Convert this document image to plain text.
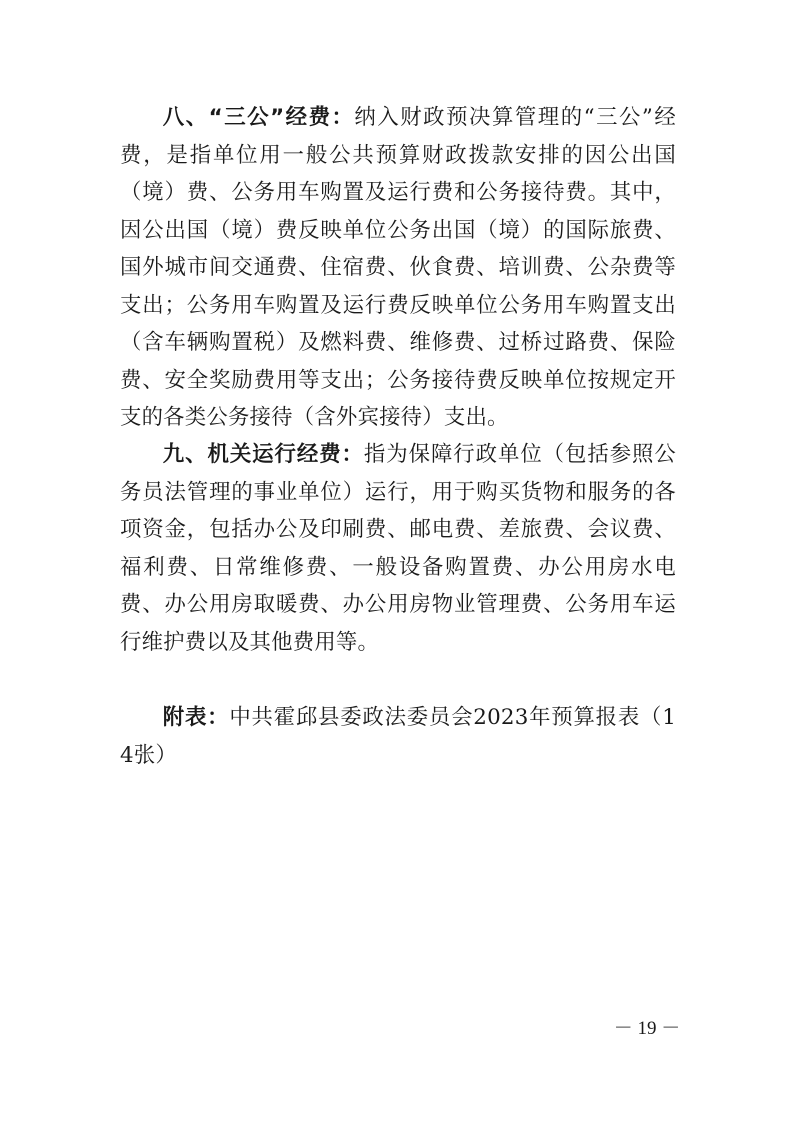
八、“三公”经费：纳入财政预决算管理的“三公”经费，是指单位用一般公共预算财政拨款安排的因公出国（境）费、公务用车购置及运行费和公务接待费。其中，因公出国（境）费反映单位公务出国（境）的国际旅费、国外城市间交通费、住宿费、伙食费、培训费、公杂费等支出；公务用车购置及运行费反映单位公务用车购置支出（含车辆购置税）及燃料费、维修费、过桥过路费、保险费、安全奖励费用等支出；公务接待费反映单位按规定开支的各类公务接待（含外宾接待）支出。

九、机关运行经费：指为保障行政单位（包括参照公务员法管理的事业单位）运行，用于购买货物和服务的各项资金，包括办公及印刷费、邮电费、差旅费、会议费、福利费、日常维修费、一般设备购置费、办公用房水电费、办公用房取暖费、办公用房物业管理费、公务用车运行维护费以及其他费用等。

附表：中共霍邱县委政法委员会2023年预算报表（14张）

－ 19 －
